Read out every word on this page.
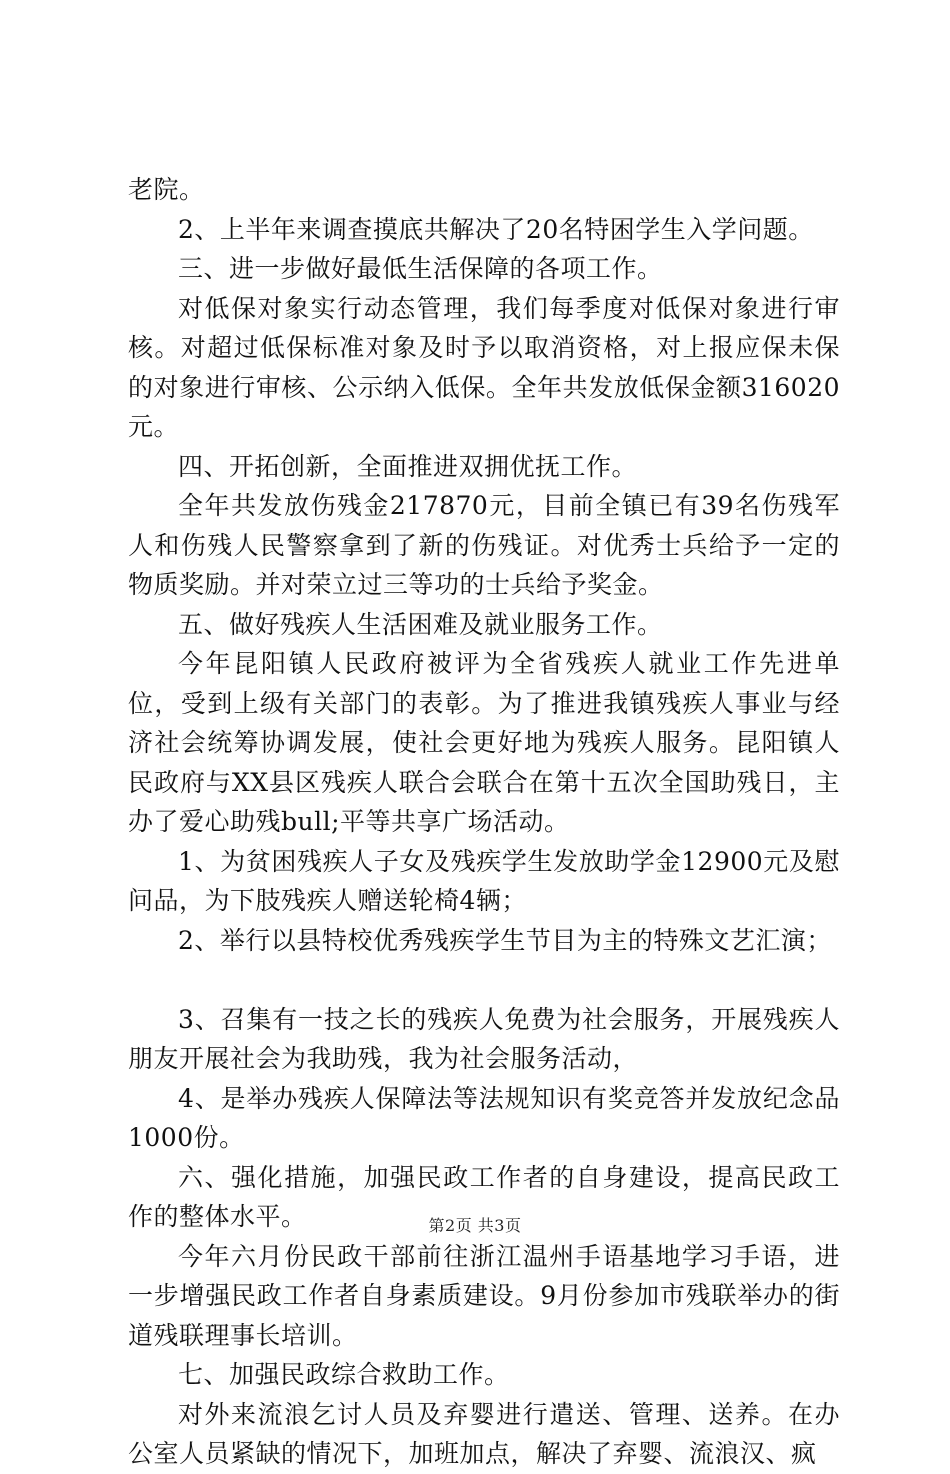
老院。

2、上半年来调查摸底共解决了20名特困学生入学问题。

三、进一步做好最低生活保障的各项工作。

对低保对象实行动态管理，我们每季度对低保对象进行审核。对超过低保标准对象及时予以取消资格，对上报应保未保的对象进行审核、公示纳入低保。全年共发放低保金额316020元。

四、开拓创新，全面推进双拥优抚工作。

全年共发放伤残金217870元，目前全镇已有39名伤残军人和伤残人民警察拿到了新的伤残证。对优秀士兵给予一定的物质奖励。并对荣立过三等功的士兵给予奖金。

五、做好残疾人生活困难及就业服务工作。

今年昆阳镇人民政府被评为全省残疾人就业工作先进单位，受到上级有关部门的表彰。为了推进我镇残疾人事业与经济社会统筹协调发展，使社会更好地为残疾人服务。昆阳镇人民政府与XX县区残疾人联合会联合在第十五次全国助残日，主办了爱心助残bull;平等共享广场活动。

1、为贫困残疾人子女及残疾学生发放助学金12900元及慰问品，为下肢残疾人赠送轮椅4辆；

2、举行以县特校优秀残疾学生节目为主的特殊文艺汇演；

3、召集有一技之长的残疾人免费为社会服务，开展残疾人朋友开展社会为我助残，我为社会服务活动，

4、是举办残疾人保障法等法规知识有奖竞答并发放纪念品1000份。

六、强化措施，加强民政工作者的自身建设，提高民政工作的整体水平。

今年六月份民政干部前往浙江温州手语基地学习手语，进一步增强民政工作者自身素质建设。9月份参加市残联举办的街道残联理事长培训。

七、加强民政综合救助工作。

对外来流浪乞讨人员及弃婴进行遣送、管理、送养。在办公室人员紧缺的情况下，加班加点，解决了弃婴、流浪汉、疯

第2页 共3页
